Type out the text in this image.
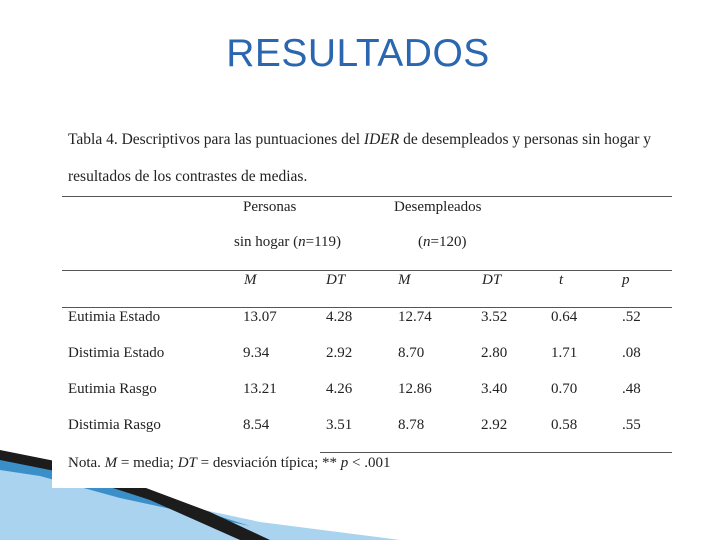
RESULTADOS
Tabla 4. Descriptivos para las puntuaciones del IDER de desempleados y personas sin hogar y
resultados de los contrastes de medias.
Personas
sin hogar (n=119)
Desempleados
(n=120)
M	DT	M	DT	t	p
Eutimia Estado	13.07	4.28	12.74	3.52	0.64	.52
Distimia Estado	9.34	2.92	8.70	2.80	1.71	.08
Eutimia Rasgo	13.21	4.26	12.86	3.40	0.70	.48
Distimia Rasgo	8.54	3.51	8.78	2.92	0.58	.55
Nota. M = media; DT = desviación típica; ** p < .001
